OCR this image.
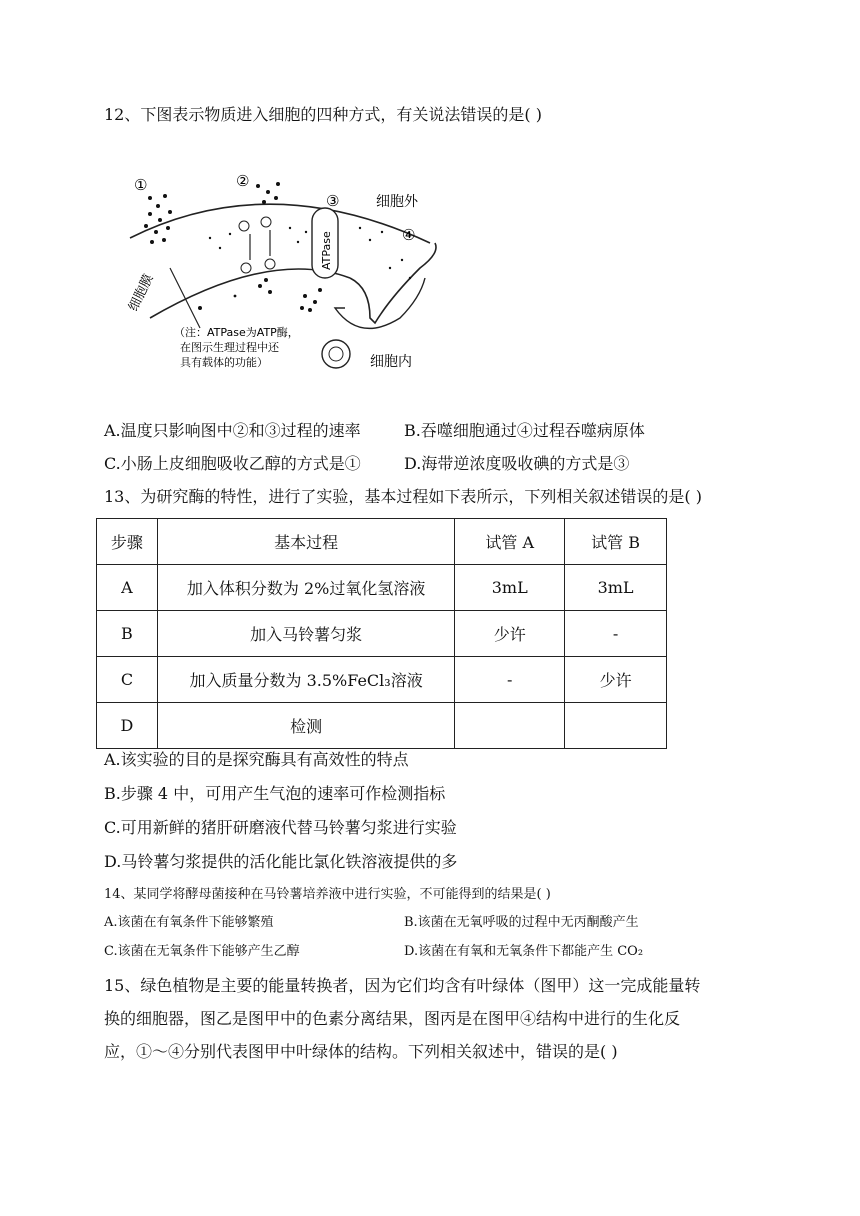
12、下图表示物质进入细胞的四种方式，有关说法错误的是( )
①	②
③
④
细胞外
细胞内
细胞膜
ATPase
（注：ATPase为ATP酶，
在图示生理过程中还
具有载体的功能）
A.温度只影响图中②和③过程的速率	B.吞噬细胞通过④过程吞噬病原体
C.小肠上皮细胞吸收乙醇的方式是①	D.海带逆浓度吸收碘的方式是③
13、为研究酶的特性，进行了实验，基本过程如下表所示，下列相关叙述错误的是( )
步骤	基本过程	试管 A	试管 B
A	加入体积分数为 2%过氧化氢溶液	3mL	3mL
B	加入马铃薯匀浆	少许	-
C	加入质量分数为 3.5%FeCl₃溶液	-	少许
D	检测		
A.该实验的目的是探究酶具有高效性的特点
B.步骤 4 中，可用产生气泡的速率可作检测指标
C.可用新鲜的猪肝研磨液代替马铃薯匀浆进行实验
D.马铃薯匀浆提供的活化能比氯化铁溶液提供的多
14、某同学将酵母菌接种在马铃薯培养液中进行实验，不可能得到的结果是( )
A.该菌在有氧条件下能够繁殖	B.该菌在无氧呼吸的过程中无丙酮酸产生
C.该菌在无氧条件下能够产生乙醇	D.该菌在有氧和无氧条件下都能产生 CO₂
15、绿色植物是主要的能量转换者，因为它们均含有叶绿体（图甲）这一完成能量转
换的细胞器，图乙是图甲中的色素分离结果，图丙是在图甲④结构中进行的生化反
应，①～④分别代表图甲中叶绿体的结构。下列相关叙述中，错误的是( )
